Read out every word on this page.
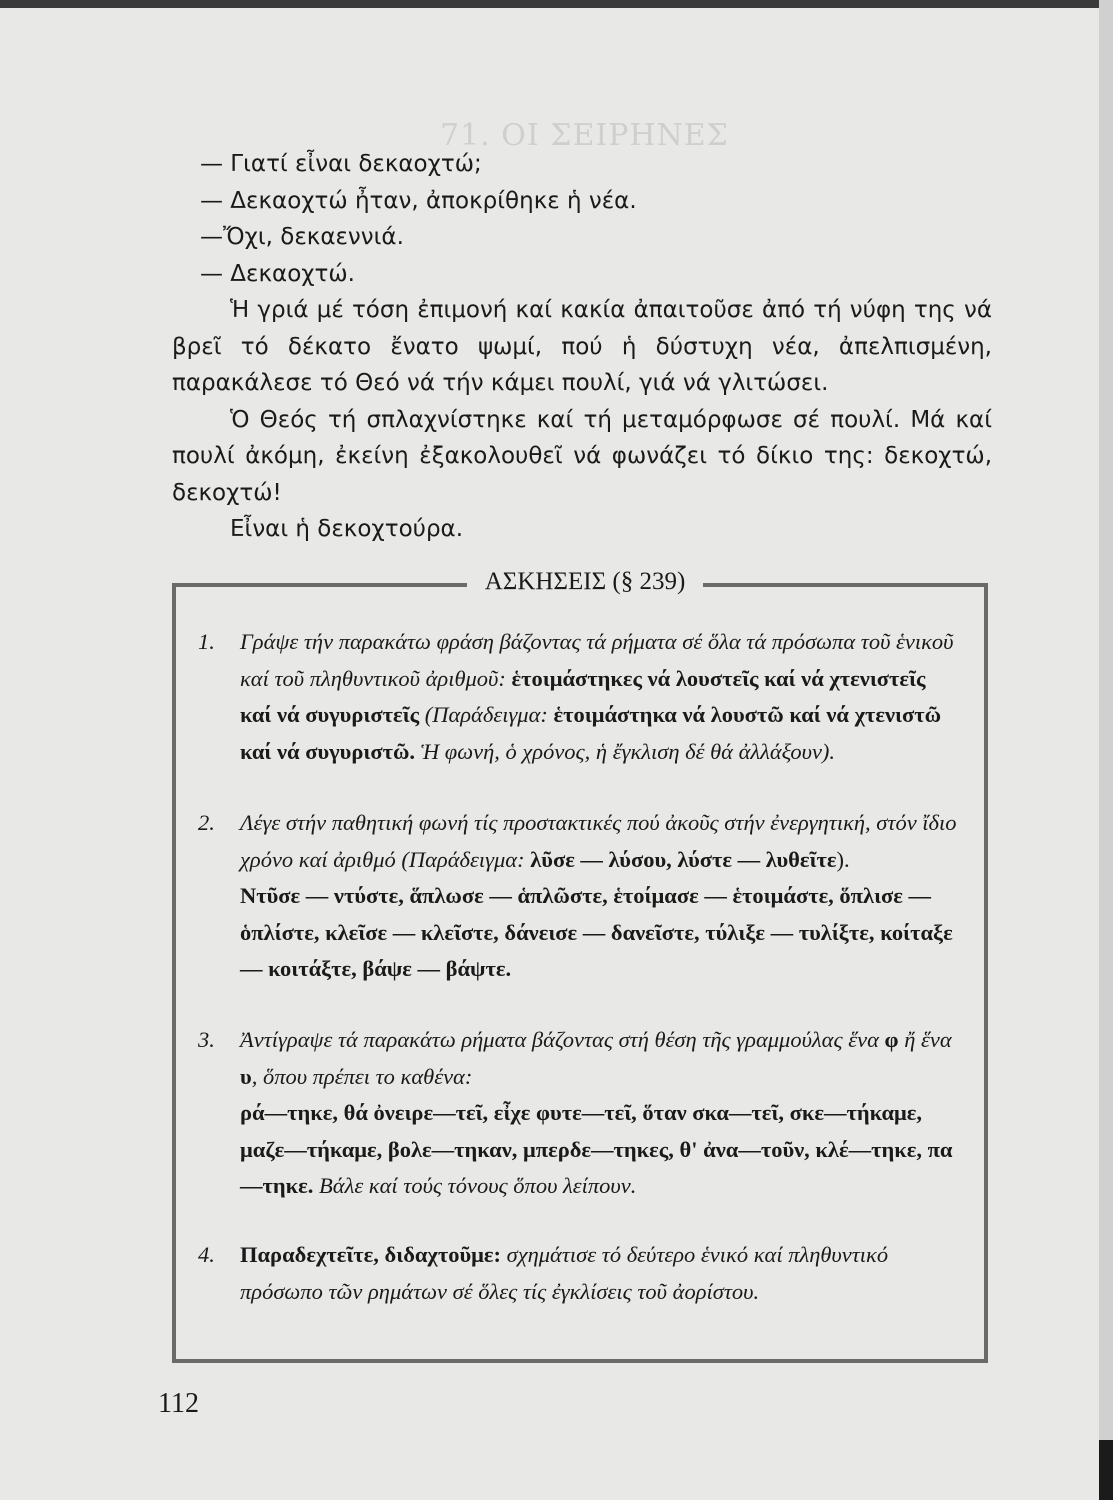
71. ΟΙ ΣΕΙΡΗΝΕΣ

— Γιατί εἶναι δεκαοχτώ;

— Δεκαοχτώ ἦταν, ἀποκρίθηκε ἡ νέα.

—Ὄχι, δεκαεννιά.

— Δεκαοχτώ.

Ἡ γριά μέ τόση ἐπιμονή καί κακία ἀπαιτοῦσε ἀπό τή νύφη της νά βρεῖ τό δέκατο ἔνατο ψωμί, πού ἡ δύστυχη νέα, ἀπελπισμένη, παρακάλεσε τό Θεό νά τήν κάμει πουλί, γιά νά γλιτώσει.

Ὁ Θεός τή σπλαχνίστηκε καί τή μεταμόρφωσε σέ πουλί. Μά καί πουλί ἀκόμη, ἐκείνη ἐξακολουθεῖ νά φωνάζει τό δίκιο της: δεκοχτώ, δεκοχτώ!

Εἶναι ἡ δεκοχτούρα.

ΑΣΚΗΣΕΙΣ (§ 239)
1. Γράψε τήν παρακάτω φράση βάζοντας τά ρήματα σέ ὅλα τά πρόσωπα τοῦ ἑνικοῦ καί τοῦ πληθυντικοῦ ἀριθμοῦ: ἑτοιμάστηκες νά λουστεῖς καί νά χτενιστεῖς καί νά συγυριστεῖς (Παράδειγμα: ἑτοιμάστηκα νά λουστῶ καί νά χτενιστῶ καί νά συγυριστῶ. Ἡ φωνή, ὁ χρόνος, ἡ ἔγκλιση δέ θά ἀλλάξουν).
2. Λέγε στήν παθητική φωνή τίς προστακτικές πού ἀκοῦς στήν ἐνεργητική, στόν ἴδιο χρόνο καί ἀριθμό (Παράδειγμα: λῦσε — λύσου, λύστε — λυθεῖτε).
Ντῦσε — ντύστε, ἅπλωσε — ἁπλῶστε, ἑτοίμασε — ἑτοιμάστε, ὅπλισε — ὁπλίστε, κλεῖσε — κλεῖστε, δάνεισε — δανεῖστε, τύλιξε — τυλίξτε, κοίταξε — κοιτάξτε, βάψε — βάψτε.
3. Ἀντίγραψε τά παρακάτω ρήματα βάζοντας στή θέση τῆς γραμμούλας ἕνα φ ἤ ἕνα υ, ὅπου πρέπει το καθένα:
ρά—τηκε, θά ὀνειρε—τεῖ, εἶχε φυτε—τεῖ, ὅταν σκα—τεῖ, σκε—τήκαμε, μαζε—τήκαμε, βολε—τηκαν, μπερδε—τηκες, θ' ἀνα—τοῦν, κλέ—τηκε, πα—τηκε. Βάλε καί τούς τόνους ὅπου λείπουν.
4. Παραδεχτεῖτε, διδαχτοῦμε: σχημάτισε τό δεύτερο ἑνικό καί πληθυντικό πρόσωπο τῶν ρημάτων σέ ὅλες τίς ἐγκλίσεις τοῦ ἀορίστου.
112
